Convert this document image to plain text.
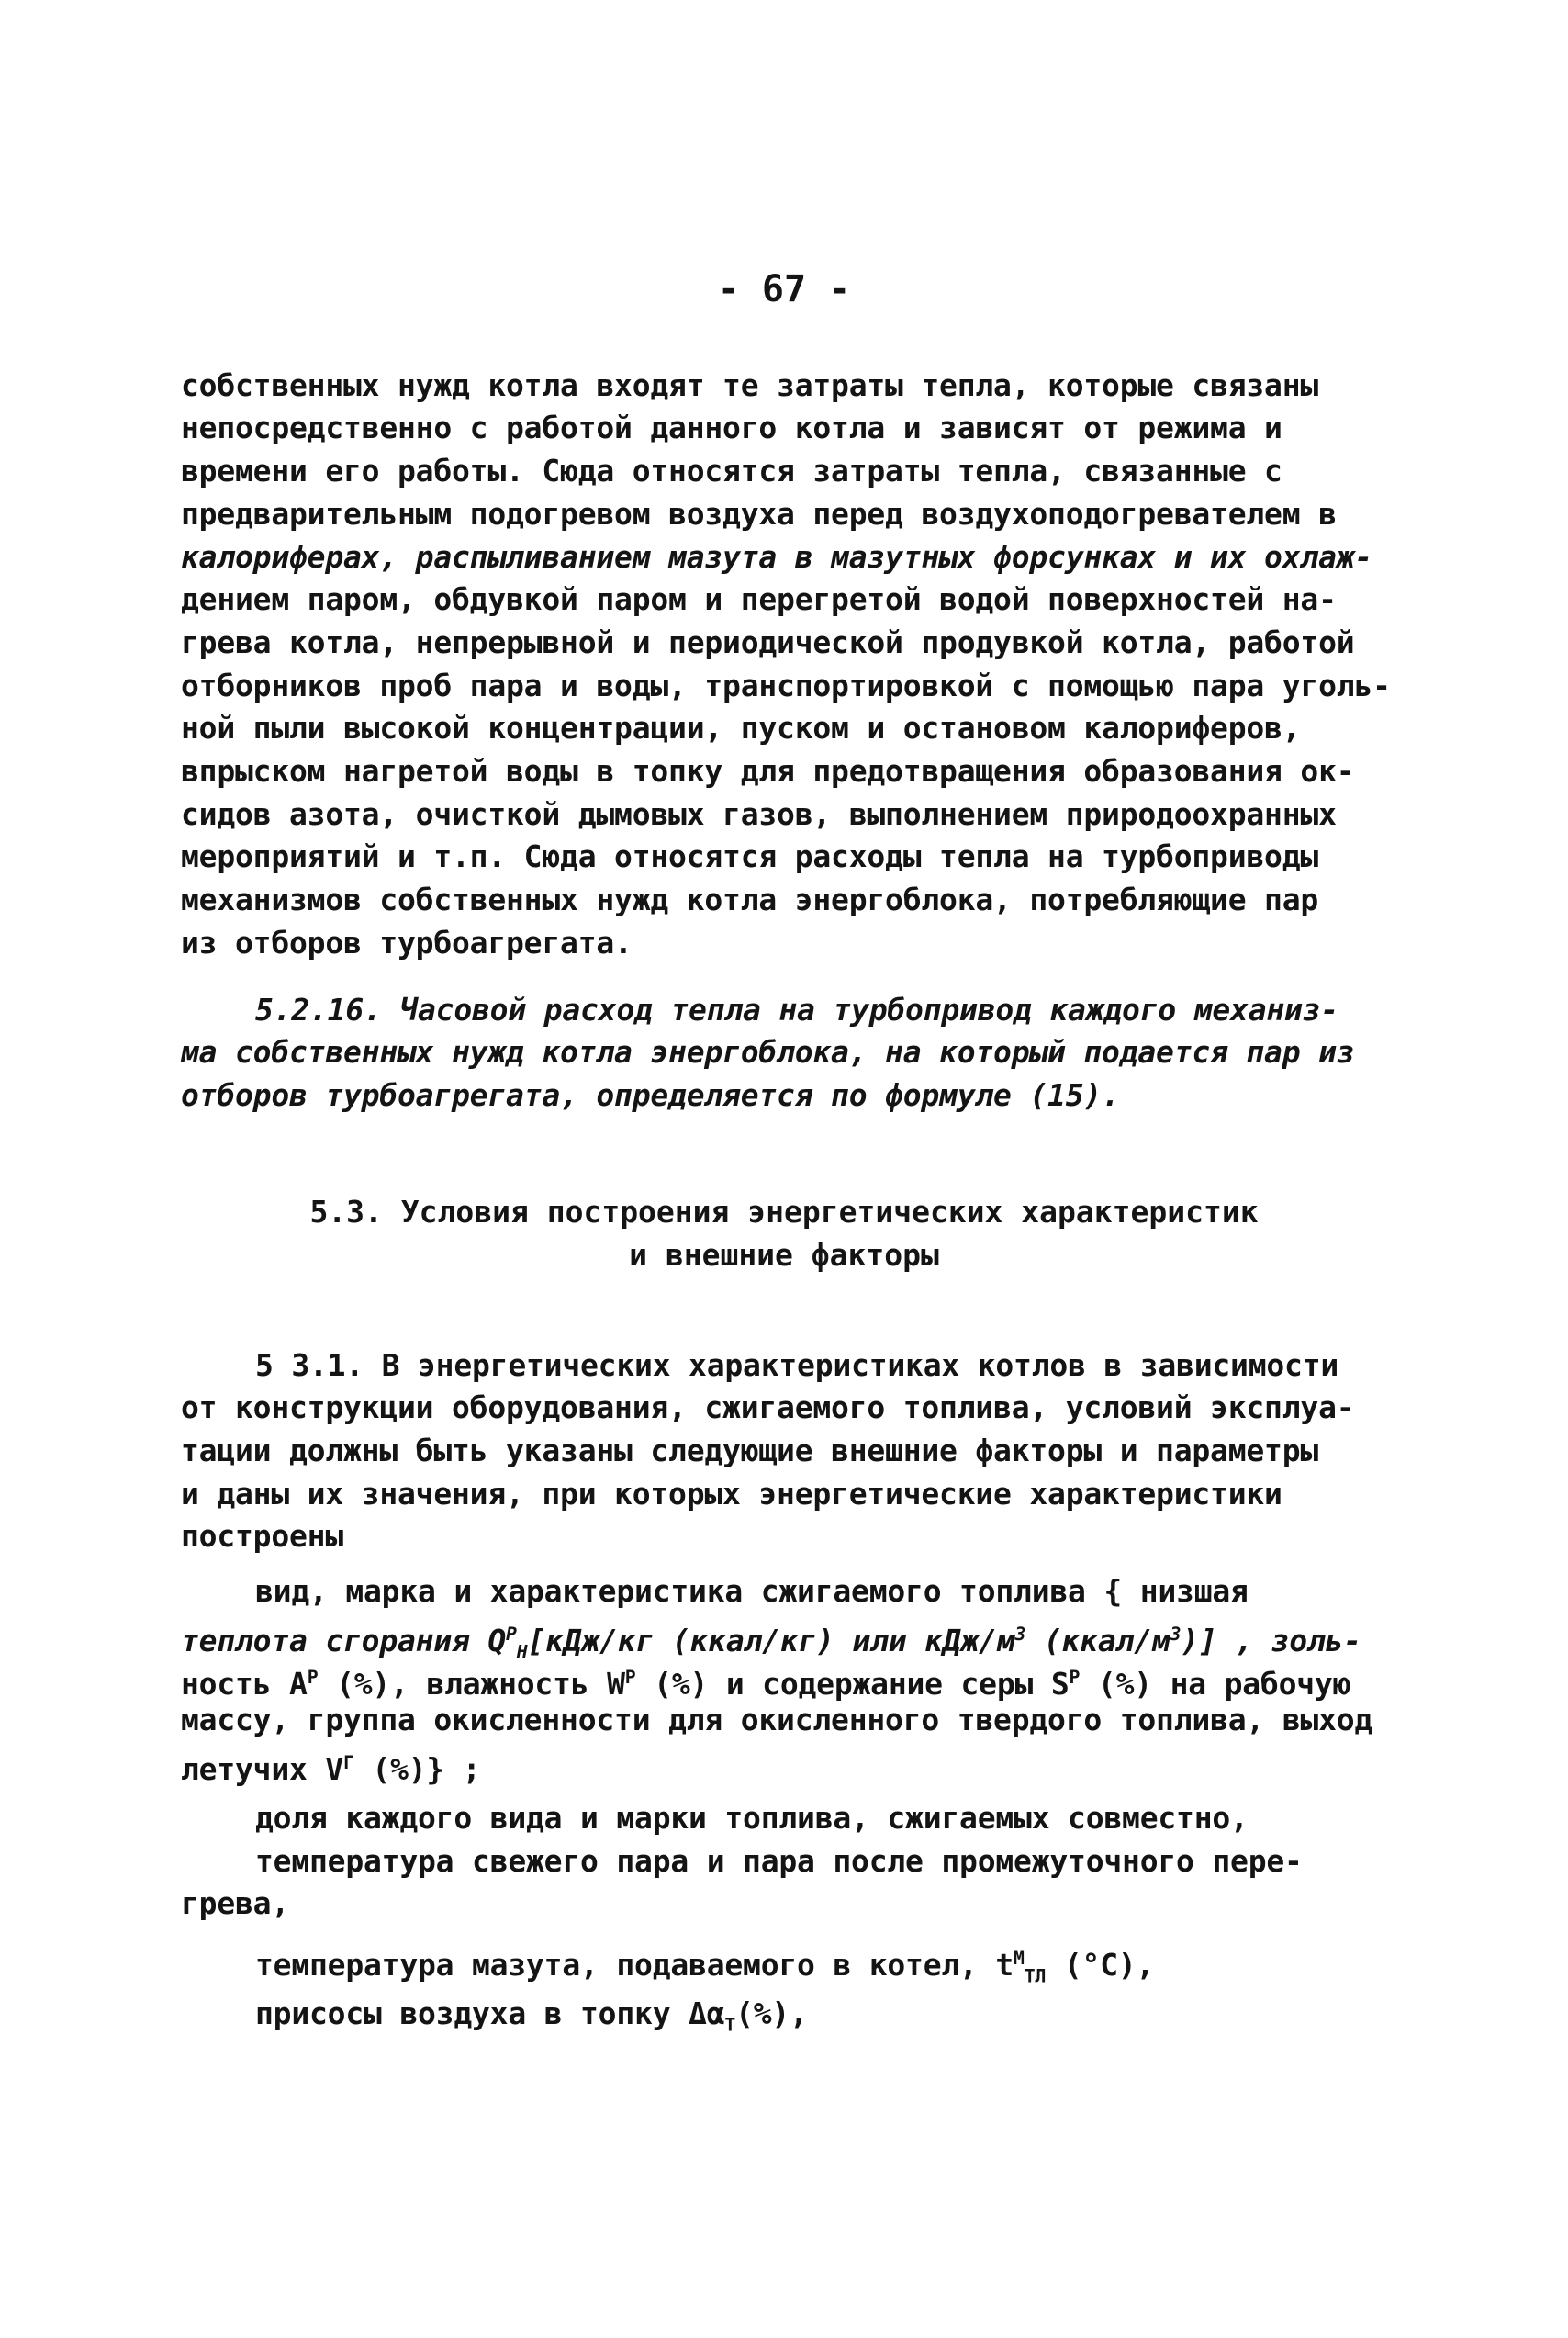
- 67 -
собственных нужд котла входят те затраты тепла, которые связаны
непосредственно с работой данного котла и зависят от режима и
времени его работы. Сюда относятся затраты тепла, связанные с
предварительным подогревом воздуха перед воздухоподогревателем в
калориферах, распыливанием мазута в мазутных форсунках и их охлаж-
дением паром, обдувкой паром и перегретой водой поверхностей на-
грева котла, непрерывной и периодической продувкой котла, работой
отборников проб пара и воды, транспортировкой с помощью пара уголь-
ной пыли высокой концентрации, пуском и остановом калориферов,
впрыском нагретой воды в топку для предотвращения образования ок-
сидов азота, очисткой дымовых газов, выполнением природоохранных
мероприятий и т.п. Сюда относятся расходы тепла на турбоприводы
механизмов собственных нужд котла энергоблока, потребляющие пар
из отборов турбоагрегата.
5.2.16. Часовой расход тепла на турбопривод каждого механиз-
ма собственных нужд котла энергоблока, на который подается пар из
отборов турбоагрегата, определяется по формуле (15).
5.3. Условия построения энергетических характеристик
и внешние факторы
5 3.1. В энергетических характеристиках котлов в зависимости
от конструкции оборудования, сжигаемого топлива, условий эксплуа-
тации должны быть указаны следующие внешние факторы и параметры
и даны их значения, при которых энергетические характеристики
построены
вид, марка и характеристика сжигаемого топлива { низшая
теплота сгорания $Q^P_H[кДж/кг$ (ккал/кг) или кДж/$м^3$ $(ккал/м^3)$] , золь-
ность $A^P$ (%), влажность $W^P$ (%) и содержание серы $S^P$ (%) на рабочую
массу, группа окисленности для окисленного твердого топлива, выход
летучих $V^Г$ (%)} ;
доля каждого вида и марки топлива, сжигаемых совместно,
температура свежего пара и пара после промежуточного пере-
грева,
температура мазута, подаваемого в котел, $t^М_{ТЛ}$ (°С),
присосы воздуха в топку $\Delta\alpha_Т(\%)$,
